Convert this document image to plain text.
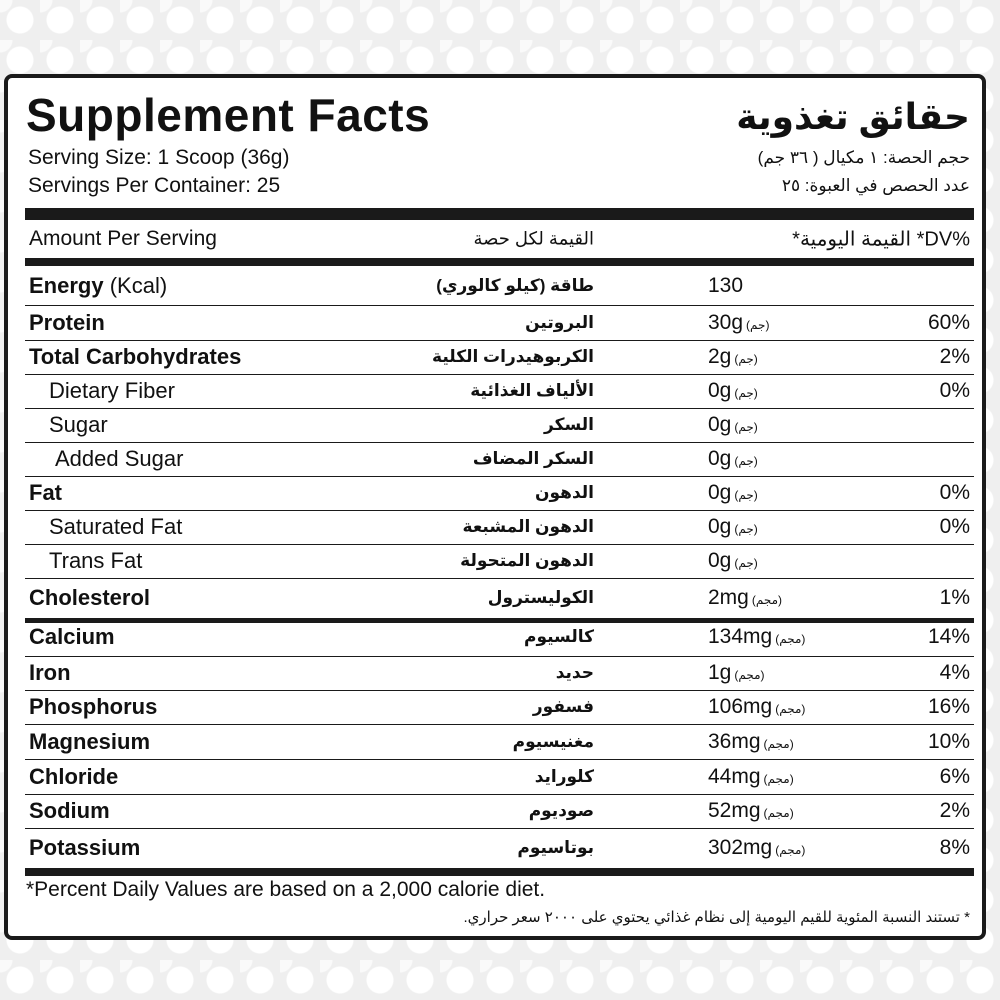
Supplement Facts	حقائق تغذوية
Serving Size: 1 Scoop (36g)
Servings Per Container: 25
حجم الحصة: ١ مكيال ( ٣٦ جم)
عدد الحصص في العبوة: ٢٥
Amount Per Serving	القيمة لكل حصة	*القيمة اليومية *DV%
Energy (Kcal)	طاقة (كيلو كالوري)	130
Protein	البروتين	30g (جم)	60%
Total Carbohydrates	الكربوهيدرات الكلية	2g (جم)	2%
Dietary Fiber	الألياف الغذائية	0g (جم)	0%
Sugar	السكر	0g (جم)
Added Sugar	السكر المضاف	0g (جم)
Fat	الدهون	0g (جم)	0%
Saturated Fat	الدهون المشبعة	0g (جم)	0%
Trans Fat	الدهون المتحولة	0g (جم)
Cholesterol	الكوليسترول	2mg (مجم)	1%
Calcium	كالسيوم	134mg (مجم)	14%
Iron	حديد	1g (مجم)	4%
Phosphorus	فسفور	106mg (مجم)	16%
Magnesium	مغنيسيوم	36mg (مجم)	10%
Chloride	كلورايد	44mg (مجم)	6%
Sodium	صوديوم	52mg (مجم)	2%
Potassium	بوتاسيوم	302mg (مجم)	8%
*Percent Daily Values are based on a 2,000 calorie diet.
* تستند النسبة المئوية للقيم اليومية إلى نظام غذائي يحتوي على ٢٠٠٠ سعر حراري.
